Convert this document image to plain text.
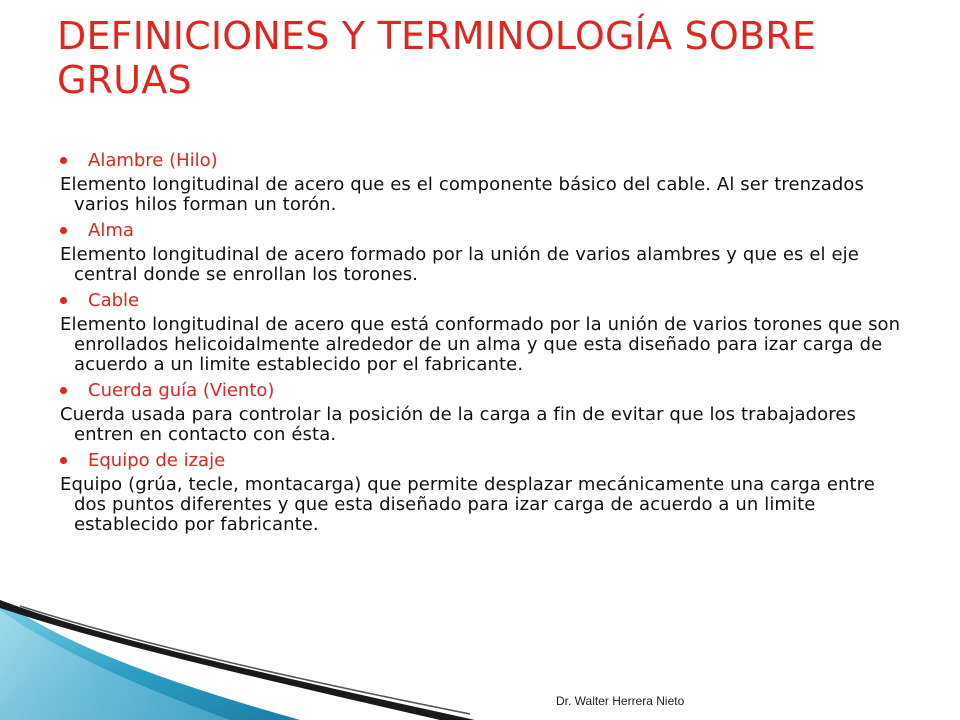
DEFINICIONES Y TERMINOLOGÍA SOBRE GRUAS
Alambre (Hilo)
Elemento longitudinal de acero que es el componente básico del cable. Al ser trenzados varios hilos forman un torón.
Alma
Elemento longitudinal de acero formado por la unión de varios alambres y que es el eje central donde se enrollan los torones.
Cable
Elemento longitudinal de acero que está conformado por la unión de varios torones que son enrollados helicoidalmente alrededor de un alma y que esta diseñado para izar carga de acuerdo a un limite establecido por el fabricante.
Cuerda guía (Viento)
Cuerda usada para controlar la posición de la carga a fin de evitar que los trabajadores entren en contacto con ésta.
Equipo de izaje
Equipo (grúa, tecle, montacarga) que permite desplazar mecánicamente una carga entre dos puntos diferentes y que esta diseñado para izar carga de acuerdo a un limite establecido por fabricante.
Dr. Walter Herrera Nieto
